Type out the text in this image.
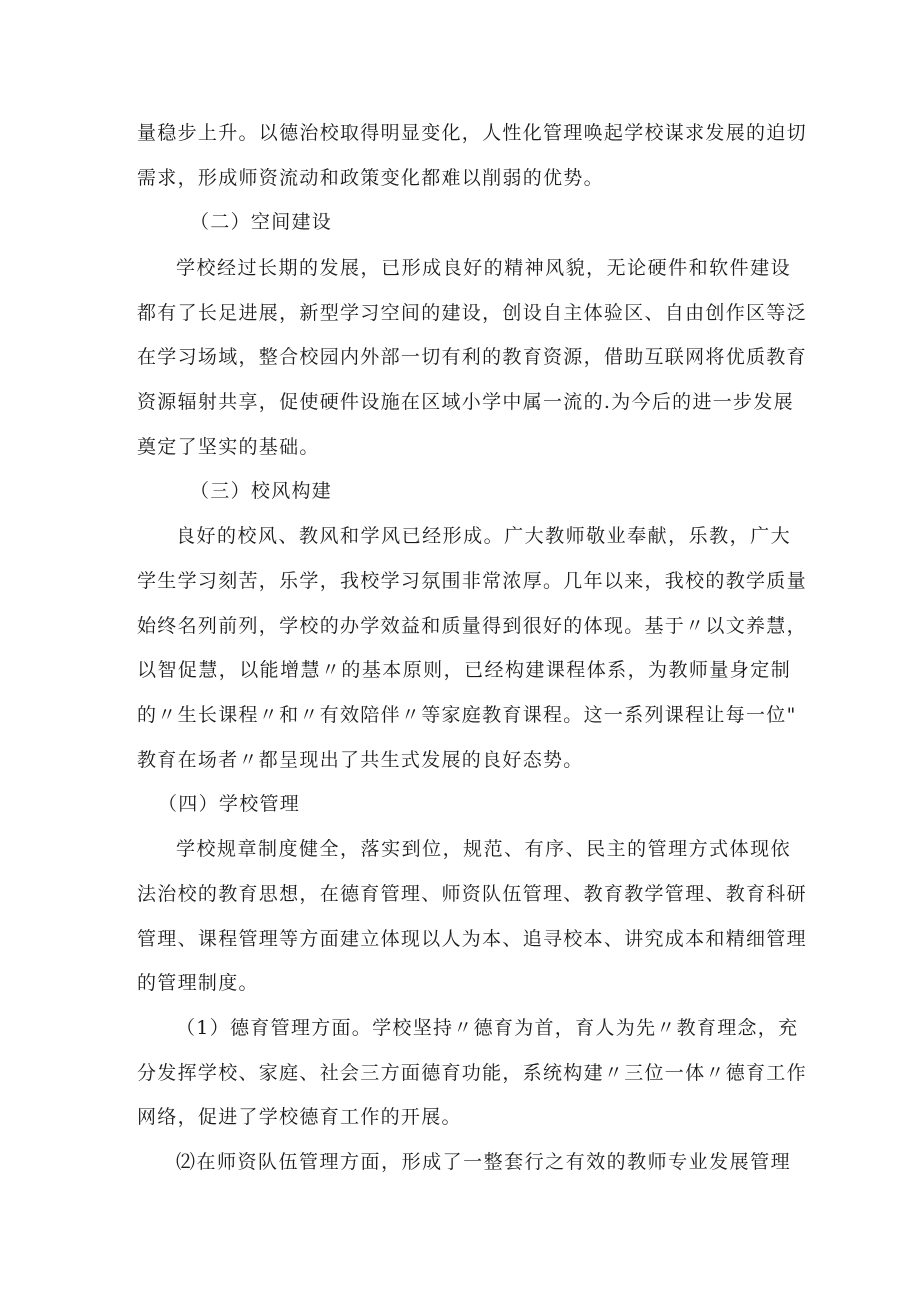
量稳步上升。以德治校取得明显变化，人性化管理唤起学校谋求发展的迫切
需求，形成师资流动和政策变化都难以削弱的优势。
（二）空间建设
学校经过长期的发展，已形成良好的精神风貌，无论硬件和软件建设
都有了长足进展，新型学习空间的建设，创设自主体验区、自由创作区等泛
在学习场域，整合校园内外部一切有利的教育资源，借助互联网将优质教育
资源辐射共享，促使硬件设施在区域小学中属一流的.为今后的进一步发展
奠定了坚实的基础。
（三）校风构建
良好的校风、教风和学风已经形成。广大教师敬业奉献，乐教，广大
学生学习刻苦，乐学，我校学习氛围非常浓厚。几年以来，我校的教学质量
始终名列前列，学校的办学效益和质量得到很好的体现。基于〃以文养慧，
以智促慧，以能增慧〃的基本原则，已经构建课程体系，为教师量身定制
的〃生长课程〃和〃有效陪伴〃等家庭教育课程。这一系列课程让每一位"
教育在场者〃都呈现出了共生式发展的良好态势。
（四）学校管理
学校规章制度健全，落实到位，规范、有序、民主的管理方式体现依
法治校的教育思想，在德育管理、师资队伍管理、教育教学管理、教育科研
管理、课程管理等方面建立体现以人为本、追寻校本、讲究成本和精细管理
的管理制度。
（1）德育管理方面。学校坚持〃德育为首，育人为先〃教育理念，充
分发挥学校、家庭、社会三方面德育功能，系统构建〃三位一体〃德育工作
网络，促进了学校德育工作的开展。
⑵在师资队伍管理方面，形成了一整套行之有效的教师专业发展管理
